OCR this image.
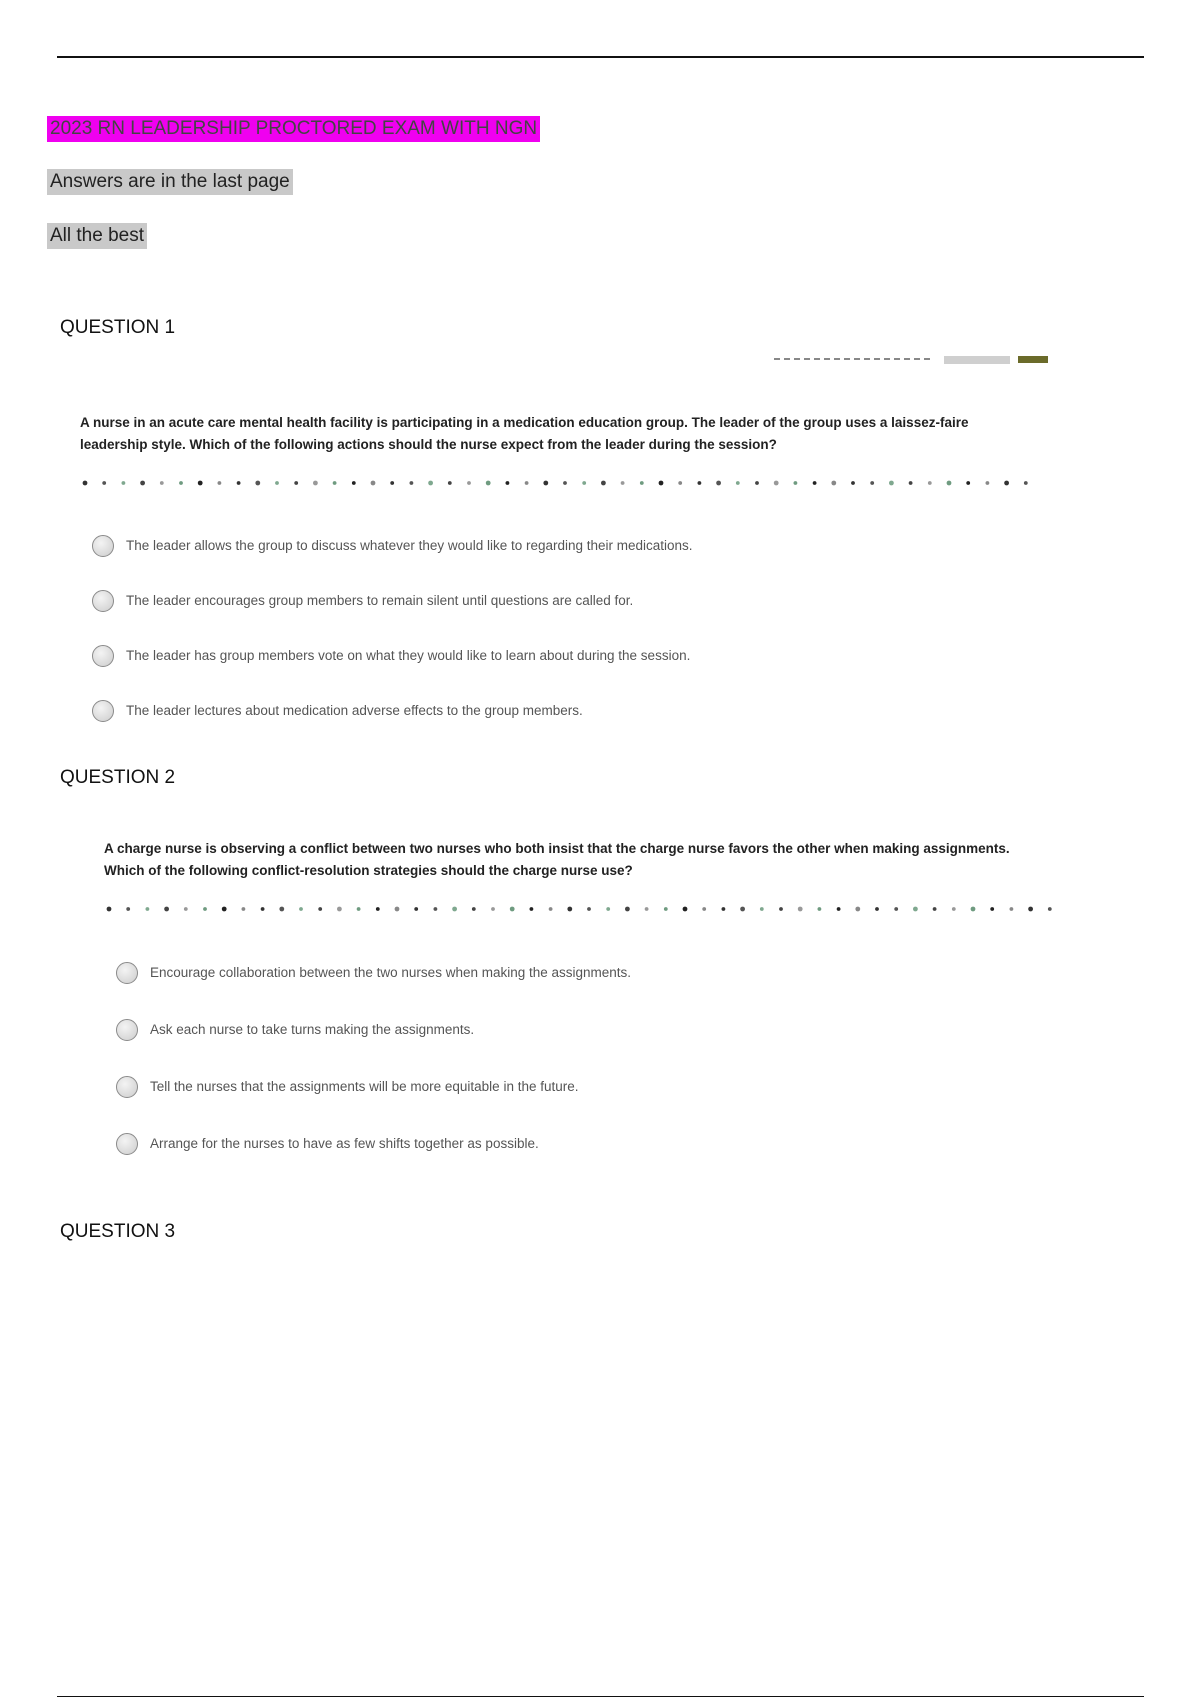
2023 RN LEADERSHIP PROCTORED EXAM WITH NGN
Answers are in the last page
All the best
QUESTION 1

A nurse in an acute care mental health facility is participating in a medication education group. The leader of the group uses a laissez-faire
leadership style. Which of the following actions should the nurse expect from the leader during the session?

The leader allows the group to discuss whatever they would like to regarding their medications.
The leader encourages group members to remain silent until questions are called for.
The leader has group members vote on what they would like to learn about during the session.
The leader lectures about medication adverse effects to the group members.
QUESTION 2

A charge nurse is observing a conflict between two nurses who both insist that the charge nurse favors the other when making assignments.
Which of the following conflict-resolution strategies should the charge nurse use?

Encourage collaboration between the two nurses when making the assignments.
Ask each nurse to take turns making the assignments.
Tell the nurses that the assignments will be more equitable in the future.
Arrange for the nurses to have as few shifts together as possible.
QUESTION 3
